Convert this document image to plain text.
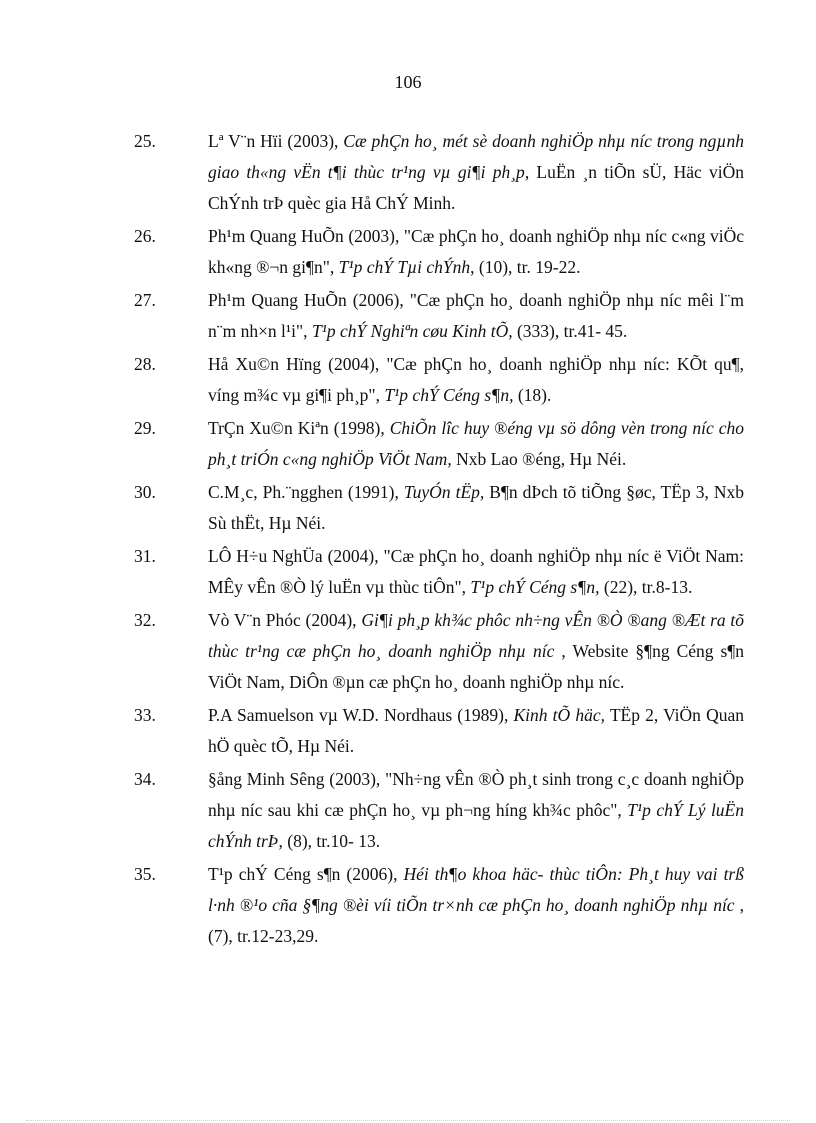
106
25.	Lª V¨n Hïi (2003), Cæ phÇn ho¸ mét sè doanh nghiÖp nhµ níc trong ngµnh giao th«ng vËn t¶i thùc tr¹ng vµ gi¶i ph¸p, LuËn ¸n tiÕn sÜ, Häc viÖn ChÝnh trÞ quèc gia Hå ChÝ Minh.
26.	Ph¹m Quang HuÕn (2003), "Cæ phÇn ho¸ doanh nghiÖp nhµ níc c«ng viÖc kh«ng ®¬n gi¶n", T¹p chÝ Tµi chÝnh, (10), tr. 19-22.
27.	Ph¹m Quang HuÕn (2006), "Cæ phÇn ho¸ doanh nghiÖp nhµ níc mêi l¨m n¨m nh×n l¹i", T¹p chÝ Nghiªn cøu Kinh tÕ, (333), tr.41- 45.
28.	Hå Xu©n Hïng (2004), "Cæ phÇn ho¸ doanh nghiÖp nhµ níc: KÕt qu¶, víng m¾c vµ gi¶i ph¸p", T¹p chÝ Céng s¶n, (18).
29.	TrÇn Xu©n Kiªn (1998), ChiÕn lîc huy ®éng vµ sö dông vèn trong níc cho ph¸t triÓn c«ng nghiÖp ViÖt Nam, Nxb Lao ®éng, Hµ Néi.
30.	C.M¸c, Ph.¨ngghen (1991), TuyÓn tËp, B¶n dÞch tõ tiÕng §øc, TËp 3, Nxb Sù thËt, Hµ Néi.
31.	LÔ H÷u NghÜa (2004), "Cæ phÇn ho¸ doanh nghiÖp nhµ níc ë ViÖt Nam: MÊy vÊn ®Ò lý luËn vµ thùc tiÔn", T¹p chÝ Céng s¶n, (22), tr.8-13.
32.	Vò V¨n Phóc (2004), Gi¶i ph¸p kh¾c phôc nh÷ng vÊn ®Ò ®ang ®Æt ra tõ thùc tr¹ng cæ phÇn ho¸ doanh nghiÖp nhµ níc , Website §¶ng Céng s¶n ViÖt Nam, DiÔn ®µn cæ phÇn ho¸ doanh nghiÖp nhµ níc.
33.	P.A Samuelson vµ W.D. Nordhaus (1989), Kinh tÕ häc, TËp 2, ViÖn Quan hÖ quèc tÕ, Hµ Néi.
34.	§ång Minh Sêng (2003), "Nh÷ng vÊn ®Ò ph¸t sinh trong c¸c doanh nghiÖp nhµ níc sau khi cæ phÇn ho¸ vµ ph¬ng híng kh¾c phôc", T¹p chÝ Lý luËn chÝnh trÞ, (8), tr.10- 13.
35.	T¹p chÝ Céng s¶n (2006), Héi th¶o khoa häc- thùc tiÔn: Ph¸t huy vai trß l·nh ®¹o cña §¶ng ®èi víi tiÕn tr×nh cæ phÇn ho¸ doanh nghiÖp nhµ níc , (7), tr.12-23,29.
